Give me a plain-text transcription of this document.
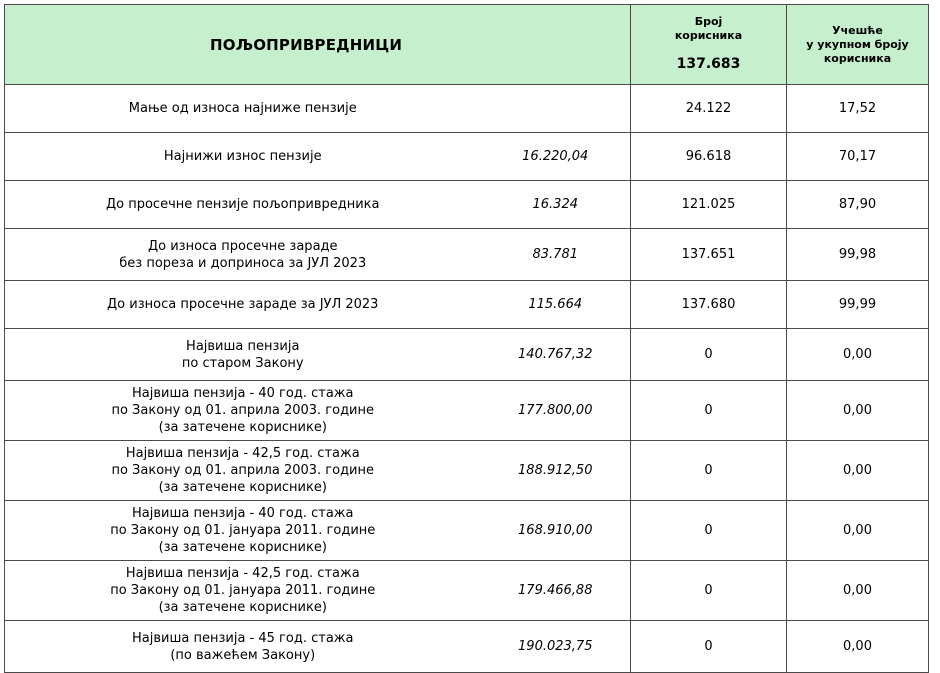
ПОЉОПРИВРЕДНИЦИ		Број
корисника
137.683	Учешће
у укупном броју
корисника

Мање од износа најниже пензије		24.122	17,52

Најнижи износ пензије	16.220,04	96.618	70,17

До просечне пензије пољопривредника	16.324	121.025	87,90

До износа просечне зараде
без пореза и доприноса за ЈУЛ 2023	83.781	137.651	99,98

До износа просечне зараде за ЈУЛ 2023	115.664	137.680	99,99

Највиша пензија
по старом Закону	140.767,32	0	0,00

Највиша пензија - 40 год. стажа
по Закону од 01. априла 2003. године
(за затечене кориснике)	177.800,00	0	0,00

Највиша пензија - 42,5 год. стажа
по Закону од 01. априла 2003. године
(за затечене кориснике)	188.912,50	0	0,00

Највиша пензија - 40 год. стажа
по Закону од 01. јануара 2011. године
(за затечене кориснике)	168.910,00	0	0,00

Највиша пензија - 42,5 год. стажа
по Закону од 01. јануара 2011. године
(за затечене кориснике)	179.466,88	0	0,00

Највиша пензија - 45 год. стажа
(по важећем Закону)	190.023,75	0	0,00
